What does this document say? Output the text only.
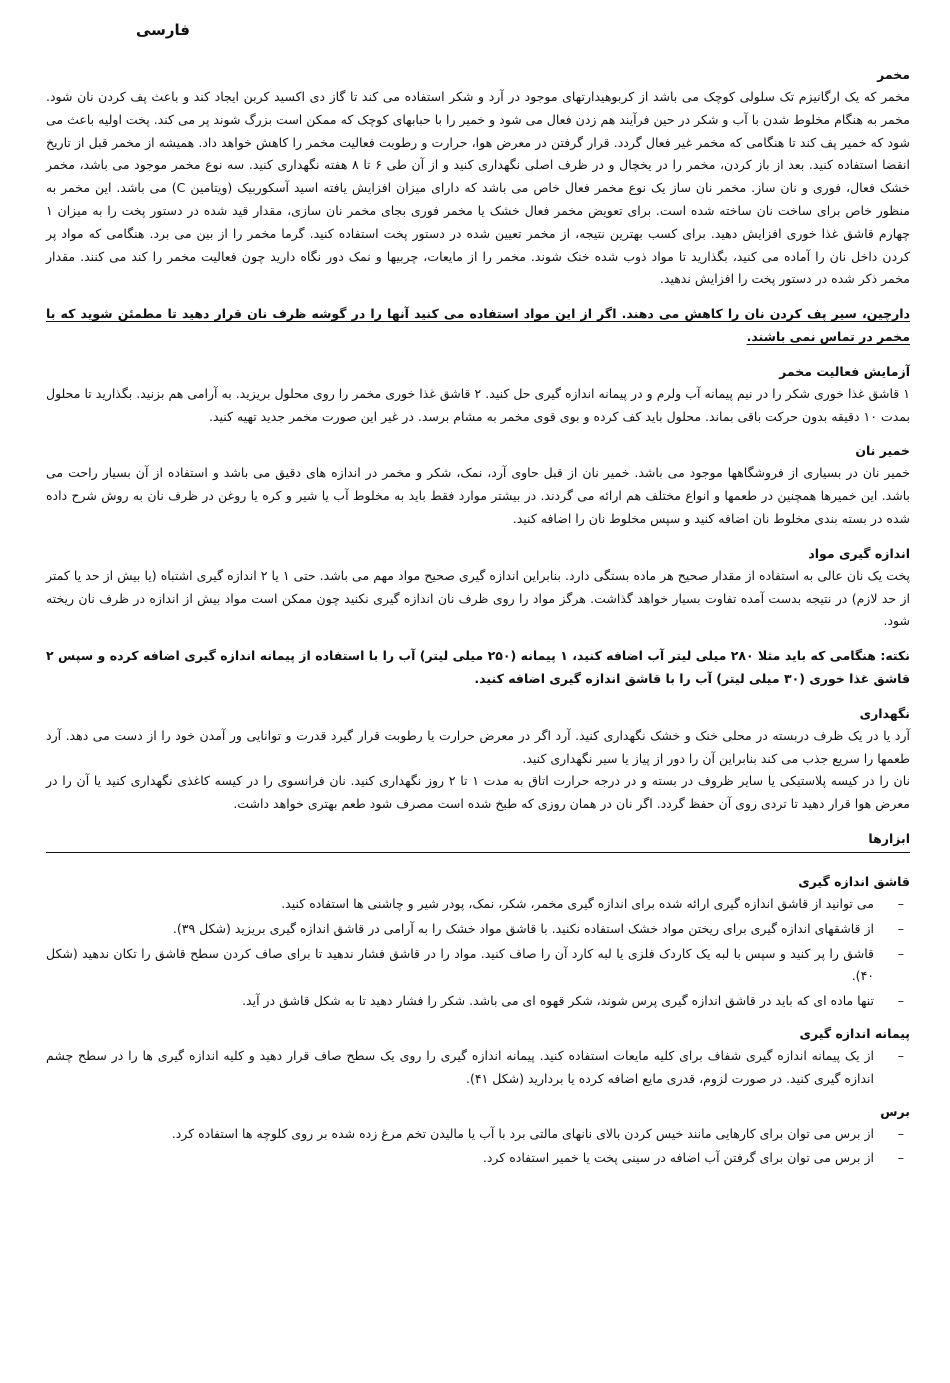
فارسی
مخمر

مخمر که یک ارگانیزم تک سلولی کوچک می باشد از کربوهیدارتهای موجود در آرد و شکر استفاده می کند تا گاز دی اکسید کربن ایجاد کند و باعث پف کردن نان شود. مخمر به هنگام مخلوط شدن با آب و شکر در حین فرآیند هم زدن فعال می شود و خمیر را با حبابهای کوچک که ممکن است بزرگ شوند پر می کند. پخت اولیه باعث می شود که خمیر پف کند تا هنگامی که مخمر غیر فعال گردد. قرار گرفتن در معرض هوا، حرارت و رطوبت فعالیت مخمر را کاهش خواهد داد. همیشه از مخمر قبل از تاریخ انقضا استفاده کنید. بعد از باز کردن، مخمر را در یخچال و در ظرف اصلی نگهداری کنید و از آن طی ۶ تا ۸ هفته نگهداری کنید. سه نوع مخمر موجود می باشد، مخمر خشک فعال، فوری و نان ساز. مخمر نان ساز یک نوع مخمر فعال خاص می باشد که دارای میزان افزایش یافته اسید آسکوربیک (ویتامین C) می باشد. این مخمر به منظور خاص برای ساخت نان ساخته شده است. برای تعویض مخمر فعال خشک یا مخمر فوری بجای مخمر نان سازی، مقدار قید شده در دستور پخت را به میزان ۱ چهارم قاشق غذا خوری افزایش دهید. برای کسب بهترین نتیجه، از مخمر تعیین شده در دستور پخت استفاده کنید. گرما مخمر را از بین می برد. هنگامی که مواد پر کردن داخل نان را آماده می کنید، بگذارید تا مواد ذوب شده خنک شوند. مخمر را از مایعات، چربیها و نمک دور نگاه دارید چون فعالیت مخمر را کند می کنند. مقدار مخمر ذکر شده در دستور پخت را افزایش ندهید.

دارچین، سیر پف کردن نان را کاهش می دهند. اگر از این مواد استفاده می کنید آنها را در گوشه ظرف نان قرار دهید تا مطمئن شوید که با مخمر در تماس نمی باشند.

آزمایش فعالیت مخمر

۱ قاشق غذا خوری شکر را در نیم پیمانه آب ولرم و در پیمانه اندازه گیری حل کنید. ۲ قاشق غذا خوری مخمر را روی محلول بریزید. به آرامی هم بزنید. بگذارید تا محلول بمدت ۱۰ دقیقه بدون حرکت باقی بماند. محلول باید کف کرده و بوی قوی مخمر به مشام برسد. در غیر این صورت مخمر جدید تهیه کنید.

خمیر نان

خمیر نان در بسیاری از فروشگاهها موجود می باشد. خمیر نان از قبل حاوی آرد، نمک، شکر و مخمر در اندازه های دقیق می باشد و استفاده از آن بسیار راحت می باشد. این خمیرها همچنین در طعمها و انواع مختلف هم ارائه می گردند. در بیشتر موارد فقط باید به مخلوط آب یا شیر و کره یا روغن در ظرف نان به روش شرح داده شده در بسته بندی مخلوط نان اضافه کنید و سپس مخلوط نان را اضافه کنید.

اندازه گیری مواد

پخت یک نان عالی به استفاده از مقدار صحیح هر ماده بستگی دارد. بنابراین اندازه گیری صحیح مواد مهم می باشد. حتی ۱ یا ۲ اندازه گیری اشتباه (یا بیش از حد یا کمتر از حد لازم) در نتیجه بدست آمده تفاوت بسیار خواهد گذاشت. هرگز مواد را روی ظرف نان اندازه گیری نکنید چون ممکن است مواد بیش از اندازه در ظرف نان ریخته شود.

نکته: هنگامی که باید مثلا ۲۸۰ میلی لیتر آب اضافه کنید، ۱ پیمانه (۲۵۰ میلی لیتر) آب را با استفاده از پیمانه اندازه گیری اضافه کرده و سپس ۲ قاشق غذا خوری (۳۰ میلی لیتر) آب را با قاشق اندازه گیری اضافه کنید.

نگهداری

آرد یا در یک ظرف دربسته در محلی خنک و خشک نگهداری کنید. آرد اگر در معرض حرارت یا رطوبت قرار گیرد قدرت و توانایی ور آمدن خود را از دست می دهد. آرد طعمها را سریع جذب می کند بنابراین آن را دور از پیاز یا سیر نگهداری کنید.

نان را در کیسه پلاستیکی یا سایر ظروف در بسته و در درجه حرارت اتاق به مدت ۱ تا ۲ روز نگهداری کنید. نان فرانسوی را در کیسه کاغذی نگهداری کنید یا آن را در معرض هوا قرار دهید تا تردی روی آن حفظ گردد. اگر نان در همان روزی که طبخ شده است مصرف شود طعم بهتری خواهد داشت.

ابزارها
قاشق اندازه گیری
–
می توانید از قاشق اندازه گیری ارائه شده برای اندازه گیری مخمر، شکر، نمک، پودر شیر و چاشنی ها استفاده کنید.
–
از قاشقهای اندازه گیری برای ریختن مواد خشک استفاده نکنید. با قاشق مواد خشک را به آرامی در قاشق اندازه گیری بریزید (شکل ۳۹).
–
قاشق را پر کنید و سپس با لبه یک کاردک فلزی یا لبه کارد آن را صاف کنید. مواد را در قاشق فشار ندهید تا برای صاف کردن سطح قاشق را تکان ندهید (شکل ۴۰).
–
تنها ماده ای که باید در قاشق اندازه گیری پرس شوند، شکر قهوه ای می باشد. شکر را فشار دهید تا به شکل قاشق در آید.
پیمانه اندازه گیری
–
از یک پیمانه اندازه گیری شفاف برای کلیه مایعات استفاده کنید. پیمانه اندازه گیری را روی یک سطح صاف قرار دهید و کلیه اندازه گیری ها را در سطح چشم اندازه گیری کنید. در صورت لزوم، قدری مایع اضافه کرده یا بردارید (شکل ۴۱).
برس
–
از برس می توان برای کارهایی مانند خیس کردن بالای نانهای مالتی برد با آب یا مالیدن تخم مرغ زده شده بر روی کلوچه ها استفاده کرد.
–
از برس می توان برای گرفتن آب اضافه در سینی پخت یا خمیر استفاده کرد.
